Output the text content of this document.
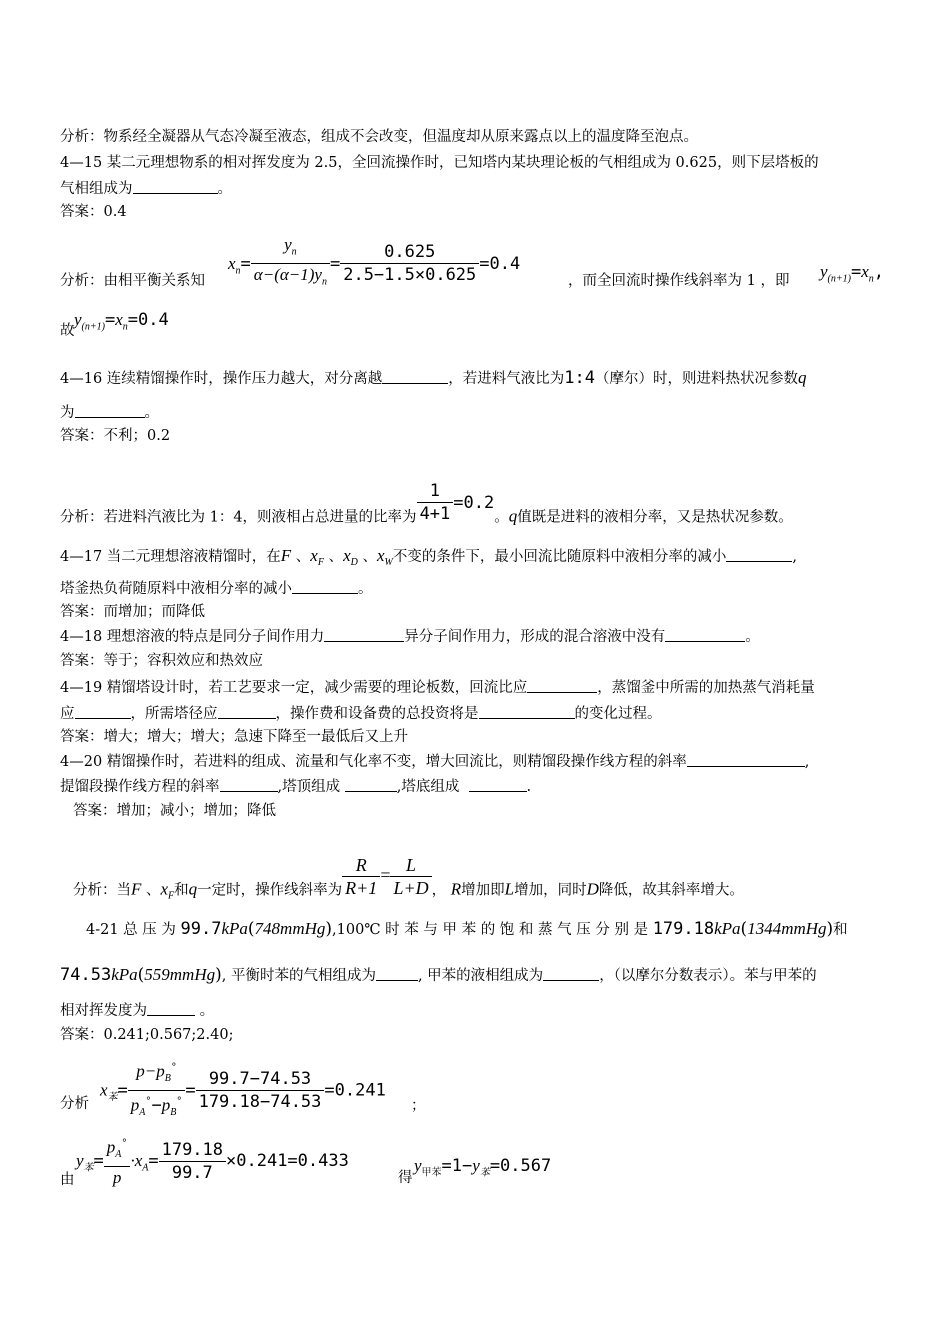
分析：物系经全凝器从气态冷凝至液态，组成不会改变，但温度却从原来露点以上的温度降至泡点。
4—15 某二元理想物系的相对挥发度为 2.5，全回流操作时，已知塔内某块理论板的气相组成为 0.625，则下层塔板的
气相组成为	。
答案：0.4
分析：由相平衡关系知
$x_n= \frac{y_n}{\alpha-(\alpha-1)y_n} = \frac{0.625}{2.5-1.5\times 0.625} =0.4$
，而全回流时操作线斜率为 1 ，即 $y_{(n+1)}=x_n$,
故
$y_{(n+1)}=x_n=0.4$
4—16 连续精馏操作时，操作压力越大，对分离越	，若进料气液比为1:4（摩尔）时，则进料热状况参数q
为	。
答案：不利；0.2
分析：若进料汽液比为 1：4，则液相占总进量的比率为 $\frac{1}{4+1} =0.2$。q值既是进料的液相分率，又是热状况参数。
4—17 当二元理想溶液精馏时，在F 、$x_F$ 、$x_D$ 、$x_W$不变的条件下，最小回流比随原料中液相分率的减小	,
塔釜热负荷随原料中液相分率的减小	。
答案：而增加；而降低
4—18 理想溶液的特点是同分子间作用力	异分子间作用力，形成的混合溶液中没有	。
答案：等于；容积效应和热效应
4—19 精馏塔设计时，若工艺要求一定，减少需要的理论板数，回流比应	，蒸馏釜中所需的加热蒸气消耗量
应	，所需塔径应	，操作费和设备费的总投资将是	的变化过程。
答案：增大；增大；增大；急速下降至一最低后又上升
4—20 精馏操作时，若进料的组成、流量和气化率不变，增大回流比，则精馏段操作线方程的斜率	,
提馏段操作线方程的斜率	,塔顶组成	,塔底组成	.
答案：增加；减小；增加；降低
分析：当F 、$x_F$和q一定时，操作线斜率为 $\frac{R}{R+1} = \frac{L}{L+D}$ ， R增加即L增加，同时D降低，故其斜率增大。
4-21 总 压 为 99.7kPa(748mmHg),100℃ 时 苯 与 甲 苯 的 饱 和 蒸 气 压 分 别 是 179.18kPa(1344mmHg)和
74.53kPa(559mmHg), 平衡时苯的气相组成为	, 甲苯的液相组成为	，（以摩尔分数表示）。苯与甲苯的
相对挥发度为	。
答案：0.241;0.567;2.40;
分析
$x_苯= \frac{p-p_B^\circ}{p_A^\circ-p_B^\circ} = \frac{99.7-74.53}{179.18-74.53} =0.241$
；
由
$y_苯= \frac{p_A^\circ}{p} \cdot x_A= \frac{179.18}{99.7} \times 0.241=0.433$
得
$y_{甲苯}=1-y_苯=0.567$
